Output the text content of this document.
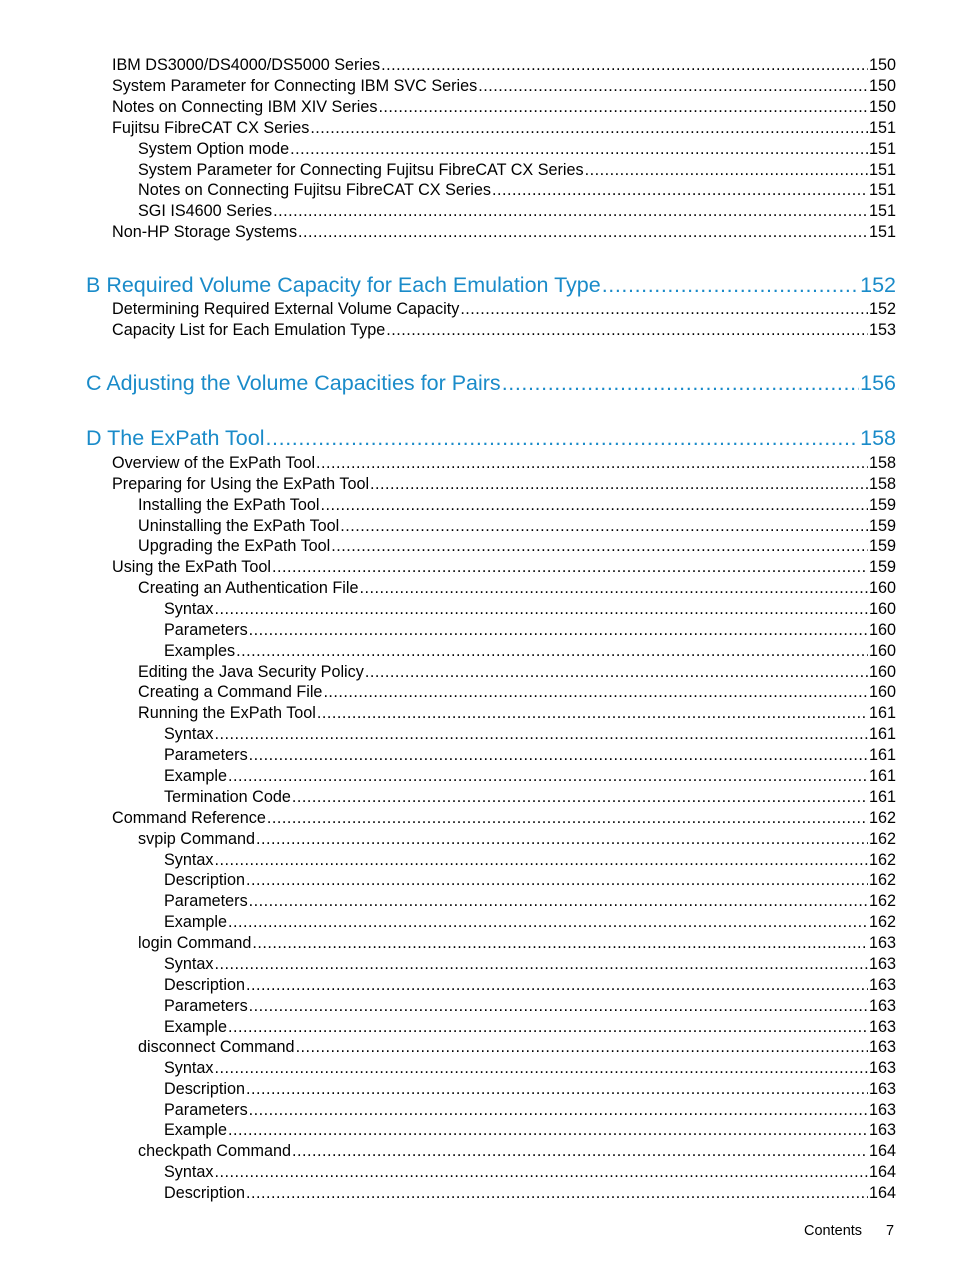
IBM DS3000/DS4000/DS5000 Series .....	150
System Parameter for Connecting IBM SVC Series .....	150
Notes on Connecting IBM XIV Series .....	150
Fujitsu FibreCAT CX Series .....	151
System Option mode .....	151
System Parameter for Connecting Fujitsu FibreCAT CX Series .....	151
Notes on Connecting Fujitsu FibreCAT CX Series .....	151
SGI IS4600 Series .....	151
Non-HP Storage Systems .....	151
B Required Volume Capacity for Each Emulation Type .....	152
Determining Required External Volume Capacity .....	152
Capacity List for Each Emulation Type .....	153
C Adjusting the Volume Capacities for Pairs .....	156
D The ExPath Tool .....	158
Overview of the ExPath Tool .....	158
Preparing for Using the ExPath Tool .....	158
Installing the ExPath Tool .....	159
Uninstalling the ExPath Tool .....	159
Upgrading the ExPath Tool .....	159
Using the ExPath Tool .....	159
Creating an Authentication File .....	160
Syntax .....	160
Parameters .....	160
Examples .....	160
Editing the Java Security Policy .....	160
Creating a Command File .....	160
Running the ExPath Tool .....	161
Syntax .....	161
Parameters .....	161
Example .....	161
Termination Code .....	161
Command Reference .....	162
svpip Command .....	162
Syntax .....	162
Description .....	162
Parameters .....	162
Example .....	162
login Command .....	163
Syntax .....	163
Description .....	163
Parameters .....	163
Example .....	163
disconnect Command .....	163
Syntax .....	163
Description .....	163
Parameters .....	163
Example .....	163
checkpath Command .....	164
Syntax .....	164
Description .....	164
Contents 7
